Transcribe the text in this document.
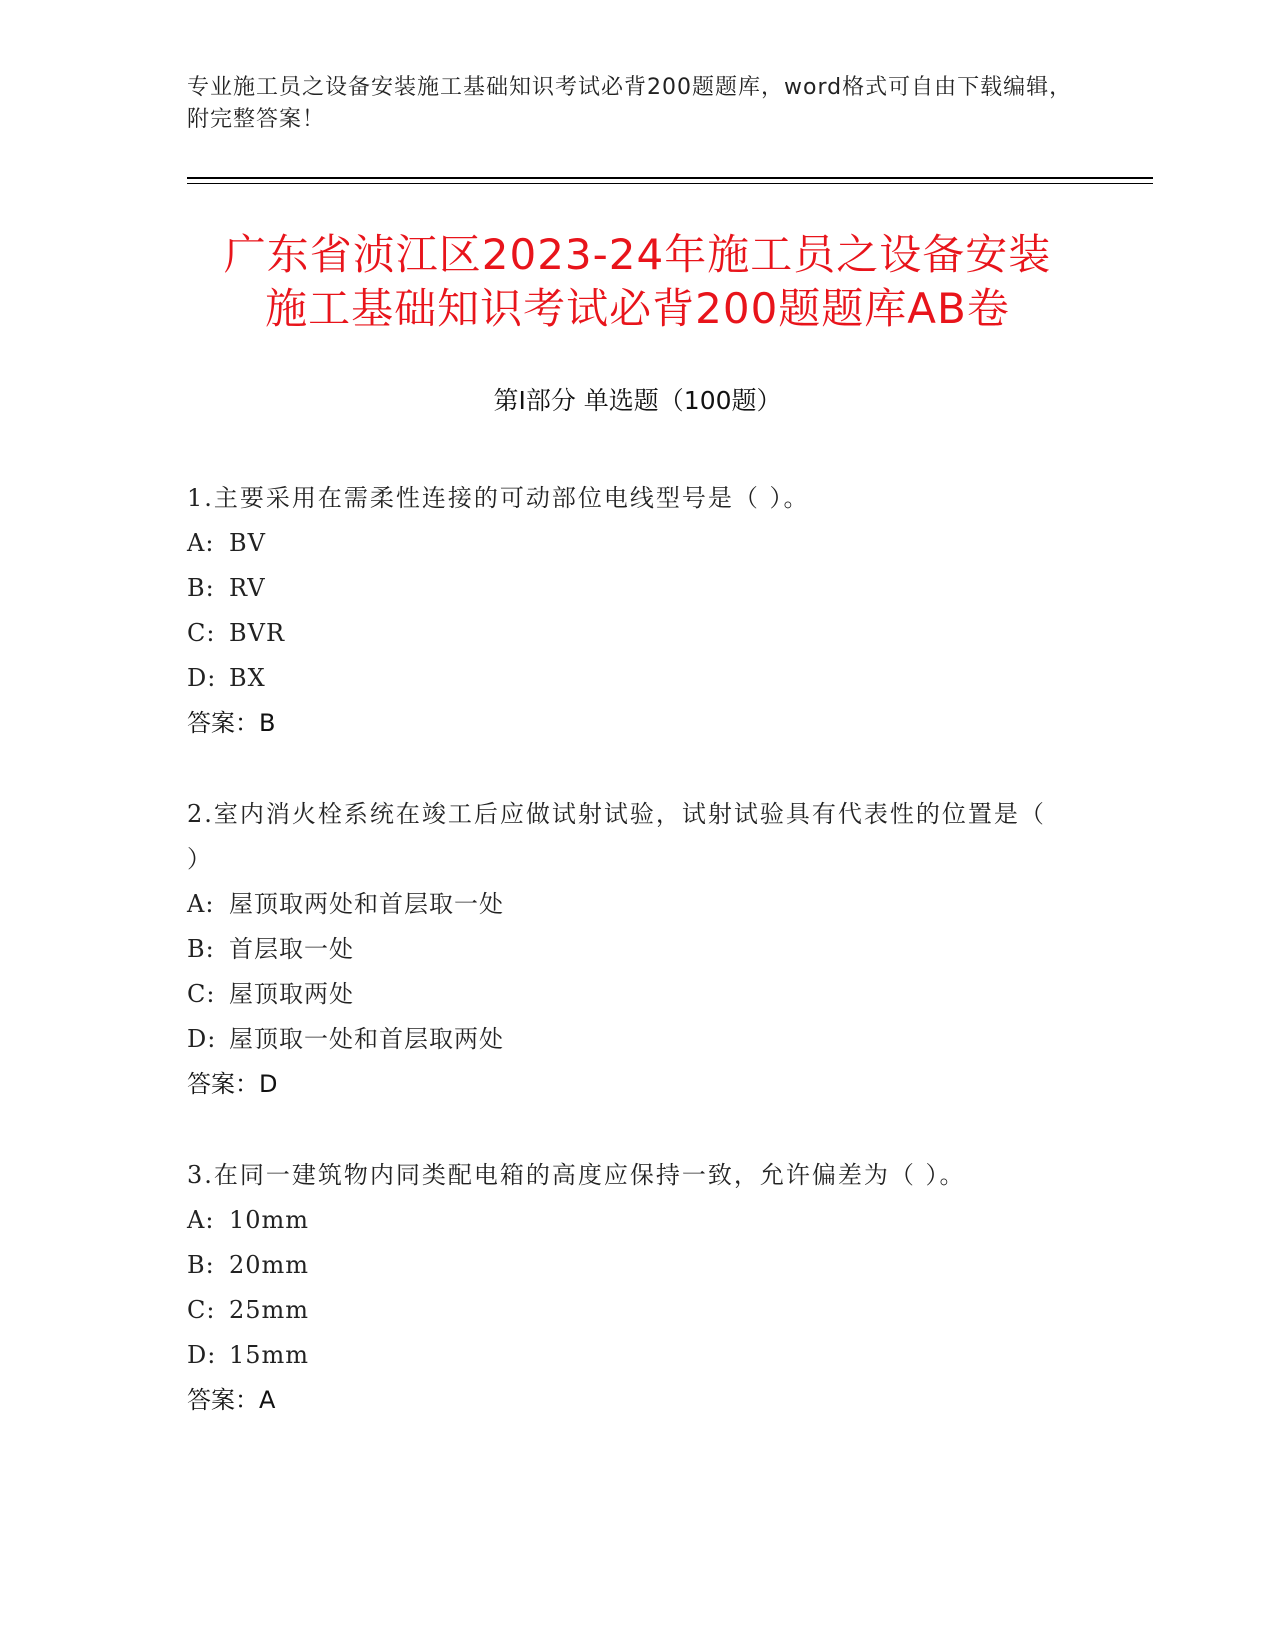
专业施工员之设备安装施工基础知识考试必背200题题库，word格式可自由下载编辑，附完整答案！
广东省浈江区2023-24年施工员之设备安装
施工基础知识考试必背200题题库AB卷
第I部分 单选题（100题）
1.主要采用在需柔性连接的可动部位电线型号是（ ）。
A: BV
B: RV
C: BVR
D: BX
答案：B
2.室内消火栓系统在竣工后应做试射试验，试射试验具有代表性的位置是（ ）
A: 屋顶取两处和首层取一处
B: 首层取一处
C: 屋顶取两处
D: 屋顶取一处和首层取两处
答案：D
3.在同一建筑物内同类配电箱的高度应保持一致，允许偏差为（ ）。
A: 10mm
B: 20mm
C: 25mm
D: 15mm
答案：A
